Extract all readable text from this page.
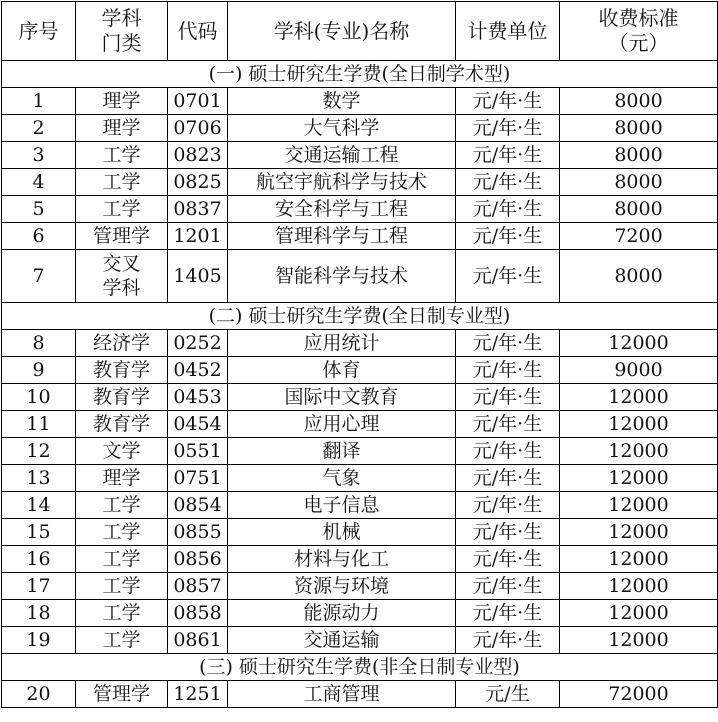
序号	学科门类	代码	学科(专业)名称	计费单位	收费标准（元）
(一) 硕士研究生学费(全日制学术型)					
1	理学	0701	数学	元/年·生	8000
2	理学	0706	大气科学	元/年·生	8000
3	工学	0823	交通运输工程	元/年·生	8000
4	工学	0825	航空宇航科学与技术	元/年·生	8000
5	工学	0837	安全科学与工程	元/年·生	8000
6	管理学	1201	管理科学与工程	元/年·生	7200
7	交叉学科	1405	智能科学与技术	元/年·生	8000
(二) 硕士研究生学费(全日制专业型)					
8	经济学	0252	应用统计	元/年·生	12000
9	教育学	0452	体育	元/年·生	9000
10	教育学	0453	国际中文教育	元/年·生	12000
11	教育学	0454	应用心理	元/年·生	12000
12	文学	0551	翻译	元/年·生	12000
13	理学	0751	气象	元/年·生	12000
14	工学	0854	电子信息	元/年·生	12000
15	工学	0855	机械	元/年·生	12000
16	工学	0856	材料与化工	元/年·生	12000
17	工学	0857	资源与环境	元/年·生	12000
18	工学	0858	能源动力	元/年·生	12000
19	工学	0861	交通运输	元/年·生	12000
(三) 硕士研究生学费(非全日制专业型)					
20	管理学	1251	工商管理	元/生	72000
